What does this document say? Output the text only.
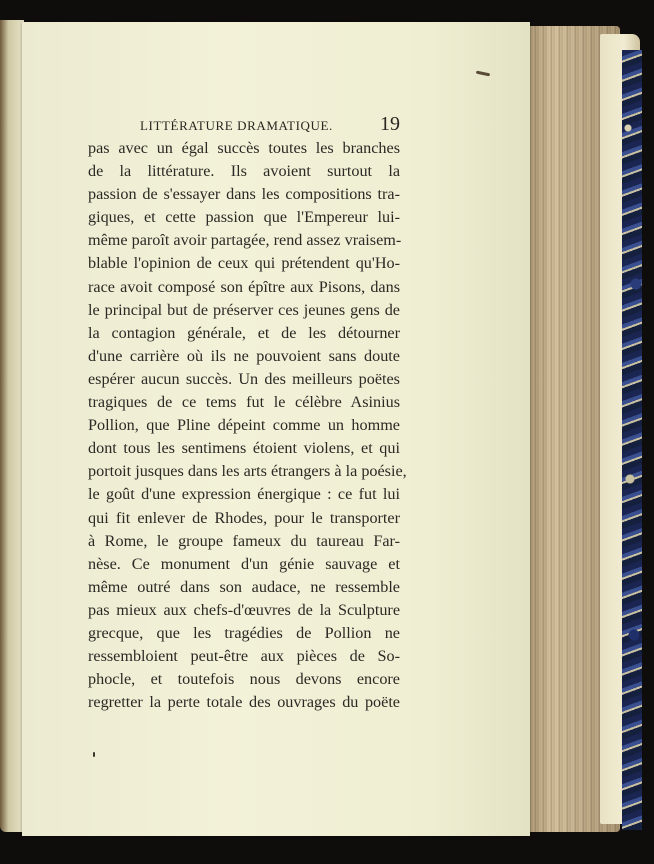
LITTÉRATURE DRAMATIQUE. 19
pas avec un égal succès toutes les branches
de la littérature. Ils avoient surtout la
passion de s'essayer dans les compositions tra-
giques, et cette passion que l'Empereur lui-
même paroît avoir partagée, rend assez vraisem-
blable l'opinion de ceux qui prétendent qu'Ho-
race avoit composé son épître aux Pisons, dans
le principal but de préserver ces jeunes gens de
la contagion générale, et de les détourner
d'une carrière où ils ne pouvoient sans doute
espérer aucun succès. Un des meilleurs poëtes
tragiques de ce tems fut le célèbre Asinius
Pollion, que Pline dépeint comme un homme
dont tous les sentimens étoient violens, et qui
portoit jusques dans les arts étrangers à la poésie,
le goût d'une expression énergique : ce fut lui
qui fit enlever de Rhodes, pour le transporter
à Rome, le groupe fameux du taureau Far-
nèse. Ce monument d'un génie sauvage et
même outré dans son audace, ne ressemble
pas mieux aux chefs-d'œuvres de la Sculpture
grecque, que les tragédies de Pollion ne
ressembloient peut-être aux pièces de So-
phocle, et toutefois nous devons encore
regretter la perte totale des ouvrages du poëte
